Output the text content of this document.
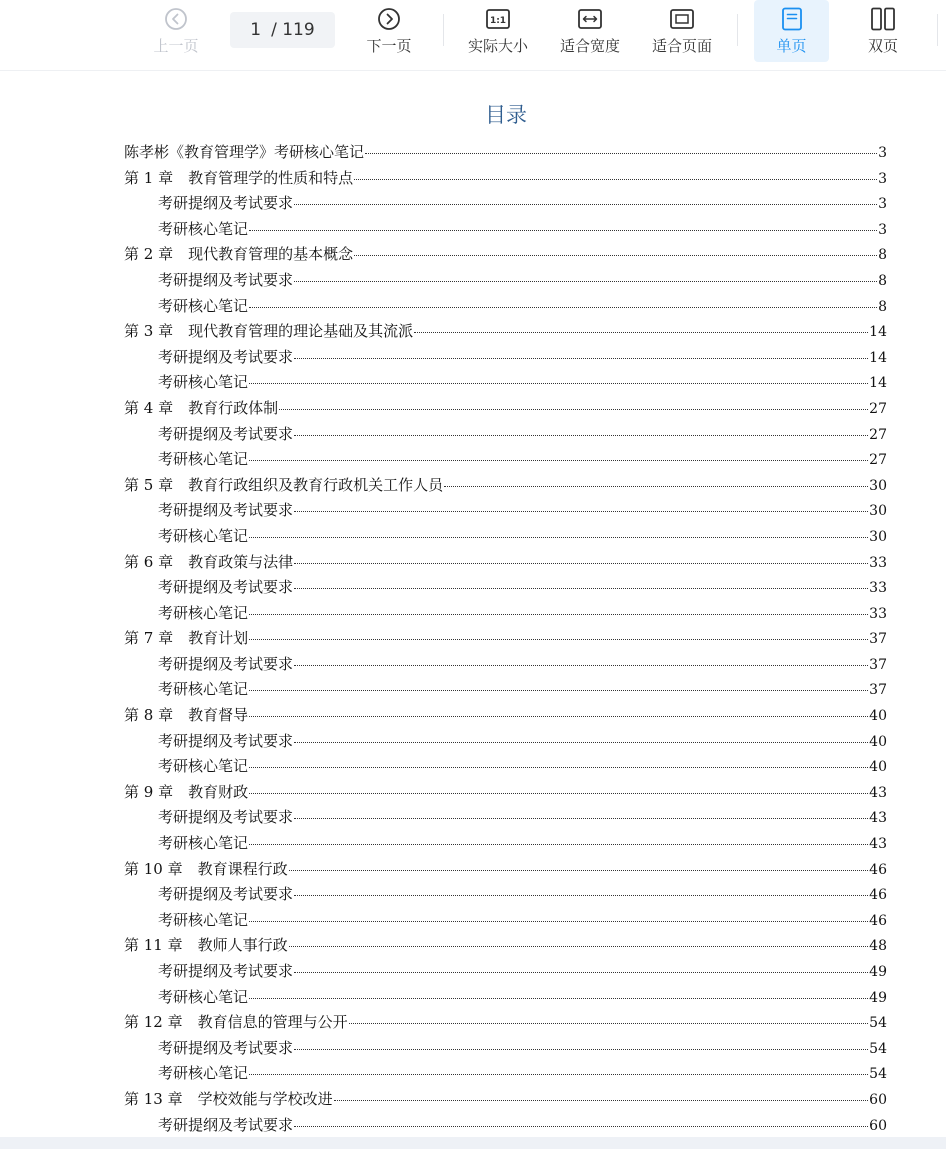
上一页
1 / 119
下一页
1:1
实际大小 适合宽度 适合页面	单页	双页
目录
陈孝彬《教育管理学》考研核心笔记	3
第 1 章　教育管理学的性质和特点	3
考研提纲及考试要求	3
考研核心笔记	3
第 2 章　现代教育管理的基本概念	8
考研提纲及考试要求	8
考研核心笔记	8
第 3 章　现代教育管理的理论基础及其流派	14
考研提纲及考试要求	14
考研核心笔记	14
第 4 章　教育行政体制	27
考研提纲及考试要求	27
考研核心笔记	27
第 5 章　教育行政组织及教育行政机关工作人员	30
考研提纲及考试要求	30
考研核心笔记	30
第 6 章　教育政策与法律	33
考研提纲及考试要求	33
考研核心笔记	33
第 7 章　教育计划	37
考研提纲及考试要求	37
考研核心笔记	37
第 8 章　教育督导	40
考研提纲及考试要求	40
考研核心笔记	40
第 9 章　教育财政	43
考研提纲及考试要求	43
考研核心笔记	43
第 10 章　教育课程行政	46
考研提纲及考试要求	46
考研核心笔记	46
第 11 章　教师人事行政	48
考研提纲及考试要求	49
考研核心笔记	49
第 12 章　教育信息的管理与公开	54
考研提纲及考试要求	54
考研核心笔记	54
第 13 章　学校效能与学校改进	60
考研提纲及考试要求	60
